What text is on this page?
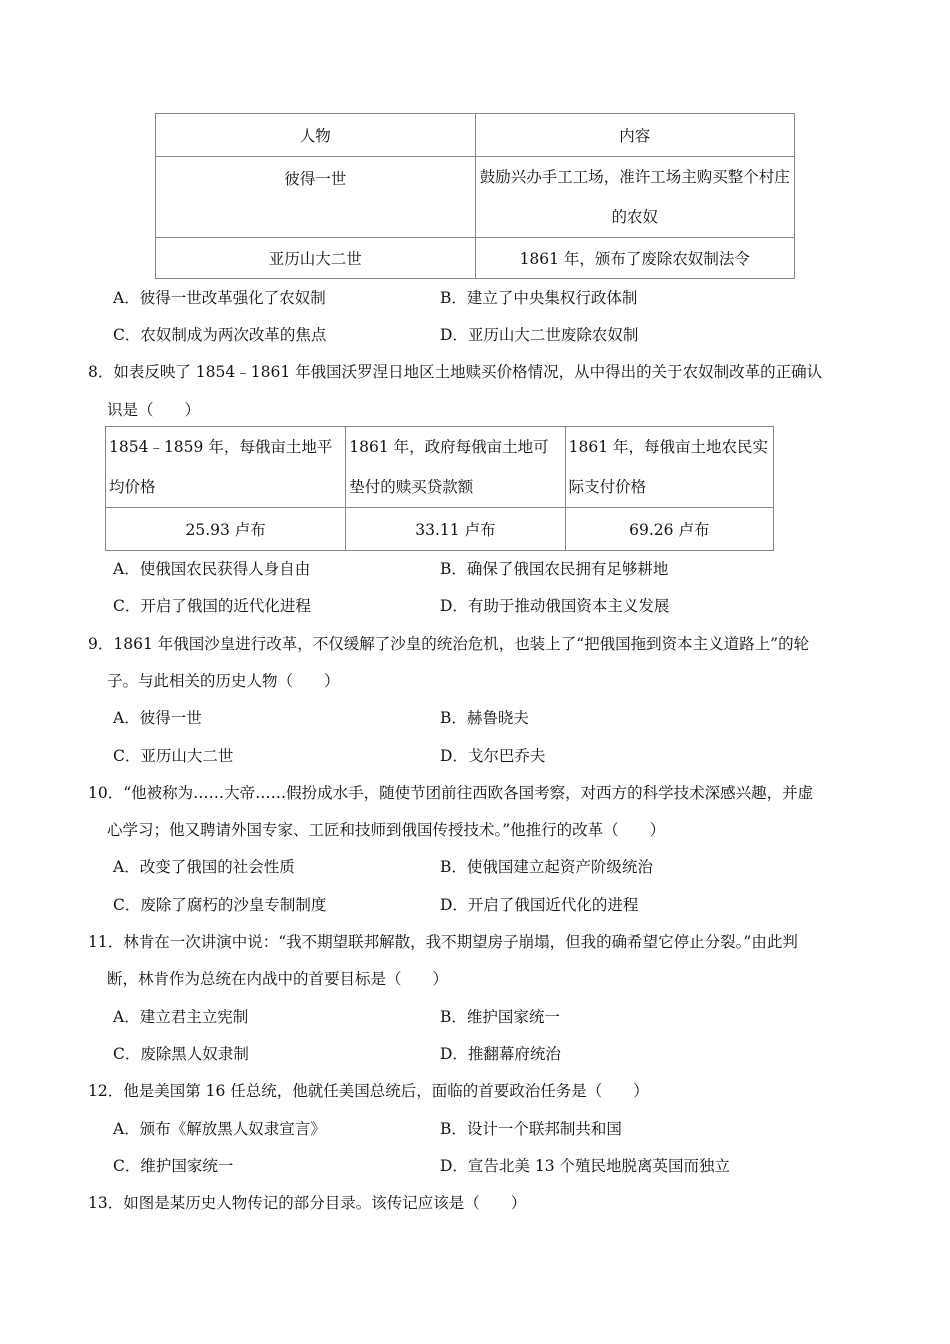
人物	内容
彼得一世	鼓励兴办手工工场，准许工场主购买整个村庄的农奴

亚历山大二世	1861 年，颁布了废除农奴制法令
A．彼得一世改革强化了农奴制	B．建立了中央集权行政体制
C．农奴制成为两次改革的焦点	D．亚历山大二世废除农奴制
8．如表反映了 1854﹣1861 年俄国沃罗涅日地区土地赎买价格情况，从中得出的关于农奴制改革的正确认
识是（　　）
1854﹣1859 年，每俄亩土地平均价格	1861 年，政府每俄亩土地可垫付的赎买贷款额	1861 年，每俄亩土地农民实际支付价格

25.93 卢布	33.11 卢布	69.26 卢布
A．使俄国农民获得人身自由	B．确保了俄国农民拥有足够耕地
C．开启了俄国的近代化进程	D．有助于推动俄国资本主义发展
9．1861 年俄国沙皇进行改革，不仅缓解了沙皇的统治危机，也装上了“把俄国拖到资本主义道路上”的轮
子。与此相关的历史人物（　　）
A．彼得一世	B．赫鲁晓夫
C．亚历山大二世	D．戈尔巴乔夫
10．“他被称为……大帝……假扮成水手，随使节团前往西欧各国考察，对西方的科学技术深感兴趣，并虚
心学习；他又聘请外国专家、工匠和技师到俄国传授技术。”他推行的改革（　　）
A．改变了俄国的社会性质	B．使俄国建立起资产阶级统治
C．废除了腐朽的沙皇专制制度	D．开启了俄国近代化的进程
11．林肯在一次讲演中说：“我不期望联邦解散，我不期望房子崩塌，但我的确希望它停止分裂。”由此判
断，林肯作为总统在内战中的首要目标是（　　）
A．建立君主立宪制	B．维护国家统一
C．废除黑人奴隶制	D．推翻幕府统治
12．他是美国第 16 任总统，他就任美国总统后，面临的首要政治任务是（　　）
A．颁布《解放黑人奴隶宣言》	B．设计一个联邦制共和国
C．维护国家统一	D．宣告北美 13 个殖民地脱离英国而独立
13．如图是某历史人物传记的部分目录。该传记应该是（　　）
